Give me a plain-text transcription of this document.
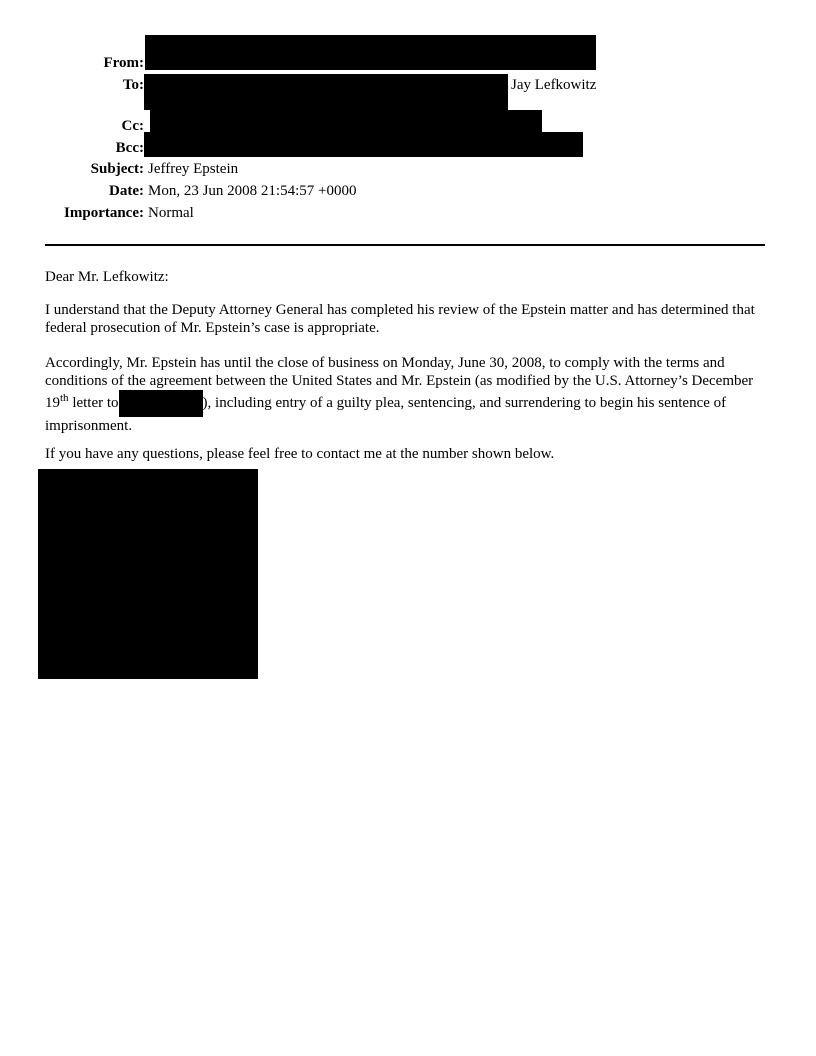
From:
To:	Jay Lefkowitz
Cc:
Bcc:
Subject: Jeffrey Epstein
Date: Mon, 23 Jun 2008 21:54:57 +0000
Importance: Normal

Dear Mr. Lefkowitz:

I understand that the Deputy Attorney General has completed his review of the Epstein matter and has determined that federal prosecution of Mr. Epstein’s case is appropriate.

Accordingly, Mr. Epstein has until the close of business on Monday, June 30, 2008, to comply with the terms and conditions of the agreement between the United States and Mr. Epstein (as modified by the U.S. Attorney’s December 19th letter to	), including entry of a guilty plea, sentencing, and surrendering to begin his sentence of imprisonment.

If you have any questions, please feel free to contact me at the number shown below.
